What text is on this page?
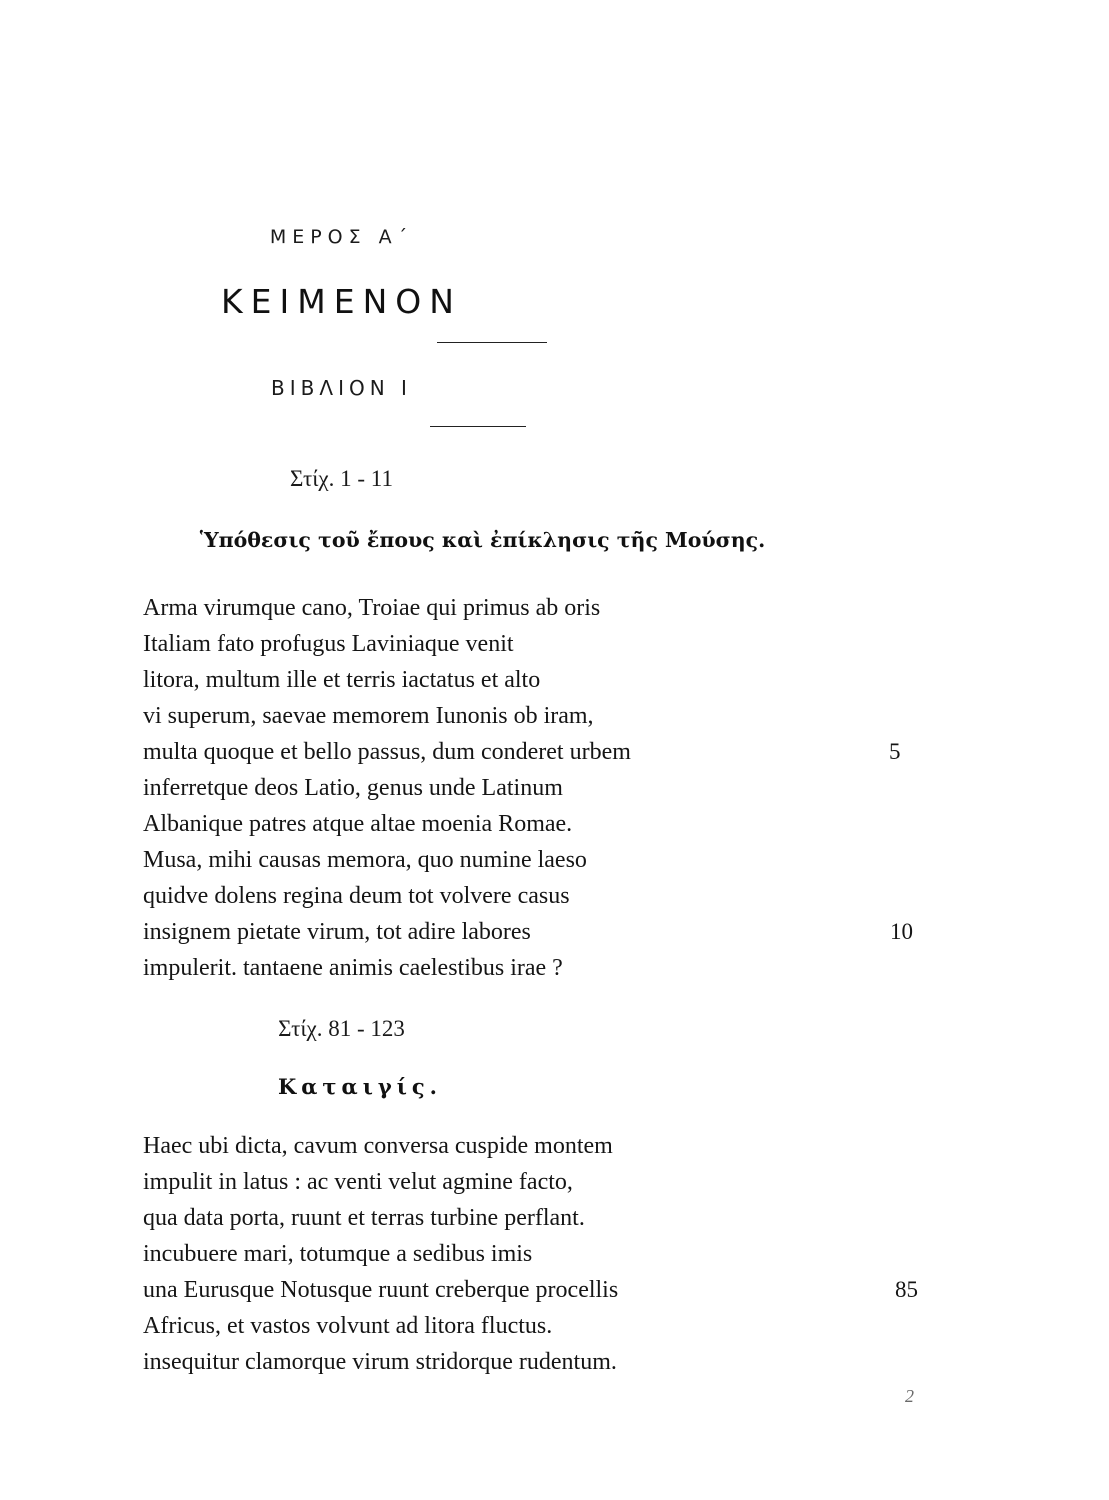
ΜΕΡΟΣ Α΄
ΚΕΙΜΕΝΟΝ
ΒΙΒΛΙΟΝ Ι
Στίχ. 1 - 11
Ὑπόθεσις τοῦ ἔπους καὶ ἐπίκλησις τῆς Μούσης.
Arma virumque cano, Troiae qui primus ab oris
Italiam fato profugus Laviniaque venit
litora, multum ille et terris iactatus et alto
vi superum, saevae memorem Iunonis ob iram,
multa quoque et bello passus, dum conderet urbem	5
inferretque deos Latio, genus unde Latinum
Albanique patres atque altae moenia Romae.
Musa, mihi causas memora, quo numine laeso
quidve dolens regina deum tot volvere casus
insignem pietate virum, tot adire labores	10
impulerit. tantaene animis caelestibus irae ?
Στίχ. 81 - 123
Καταιγίς.
Haec ubi dicta, cavum conversa cuspide montem
impulit in latus : ac venti velut agmine facto,
qua data porta, ruunt et terras turbine perflant.
incubuere mari, totumque a sedibus imis
una Eurusque Notusque ruunt creberque procellis	85
Africus, et vastos volvunt ad litora fluctus.
insequitur clamorque virum stridorque rudentum.
2
